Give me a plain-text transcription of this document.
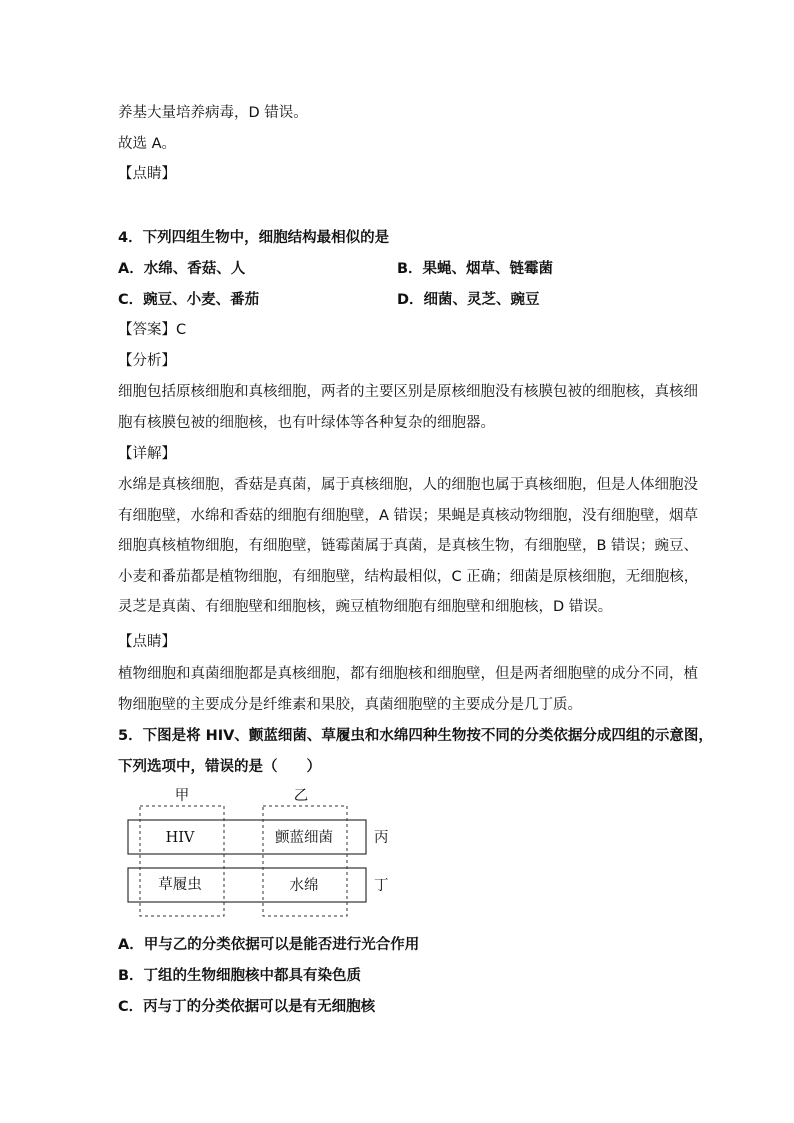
养基大量培养病毒，D 错误。
故选 A。
【点睛】
4．下列四组生物中，细胞结构最相似的是
A．水绵、香菇、人	B．果蝇、烟草、链霉菌
C．豌豆、小麦、番茄	D．细菌、灵芝、豌豆
【答案】C
【分析】
细胞包括原核细胞和真核细胞，两者的主要区别是原核细胞没有核膜包被的细胞核，真核细
胞有核膜包被的细胞核，也有叶绿体等各种复杂的细胞器。
【详解】
水绵是真核细胞，香菇是真菌，属于真核细胞，人的细胞也属于真核细胞，但是人体细胞没
有细胞壁，水绵和香菇的细胞有细胞壁，A 错误；果蝇是真核动物细胞，没有细胞壁，烟草
细胞真核植物细胞，有细胞壁，链霉菌属于真菌，是真核生物，有细胞壁，B 错误；豌豆、
小麦和番茄都是植物细胞，有细胞壁，结构最相似，C 正确；细菌是原核细胞，无细胞核，
灵芝是真菌、有细胞壁和细胞核，豌豆植物细胞有细胞壁和细胞核，D 错误。
【点睛】
植物细胞和真菌细胞都是真核细胞，都有细胞核和细胞壁，但是两者细胞壁的成分不同，植
物细胞壁的主要成分是纤维素和果胶，真菌细胞壁的主要成分是几丁质。
5．下图是将 HIV、颤蓝细菌、草履虫和水绵四种生物按不同的分类依据分成四组的示意图，
下列选项中，错误的是（　　）
甲	乙
HIV	颤蓝细菌
草履虫	水绵
丙
丁
A．甲与乙的分类依据可以是能否进行光合作用
B．丁组的生物细胞核中都具有染色质
C．丙与丁的分类依据可以是有无细胞核
